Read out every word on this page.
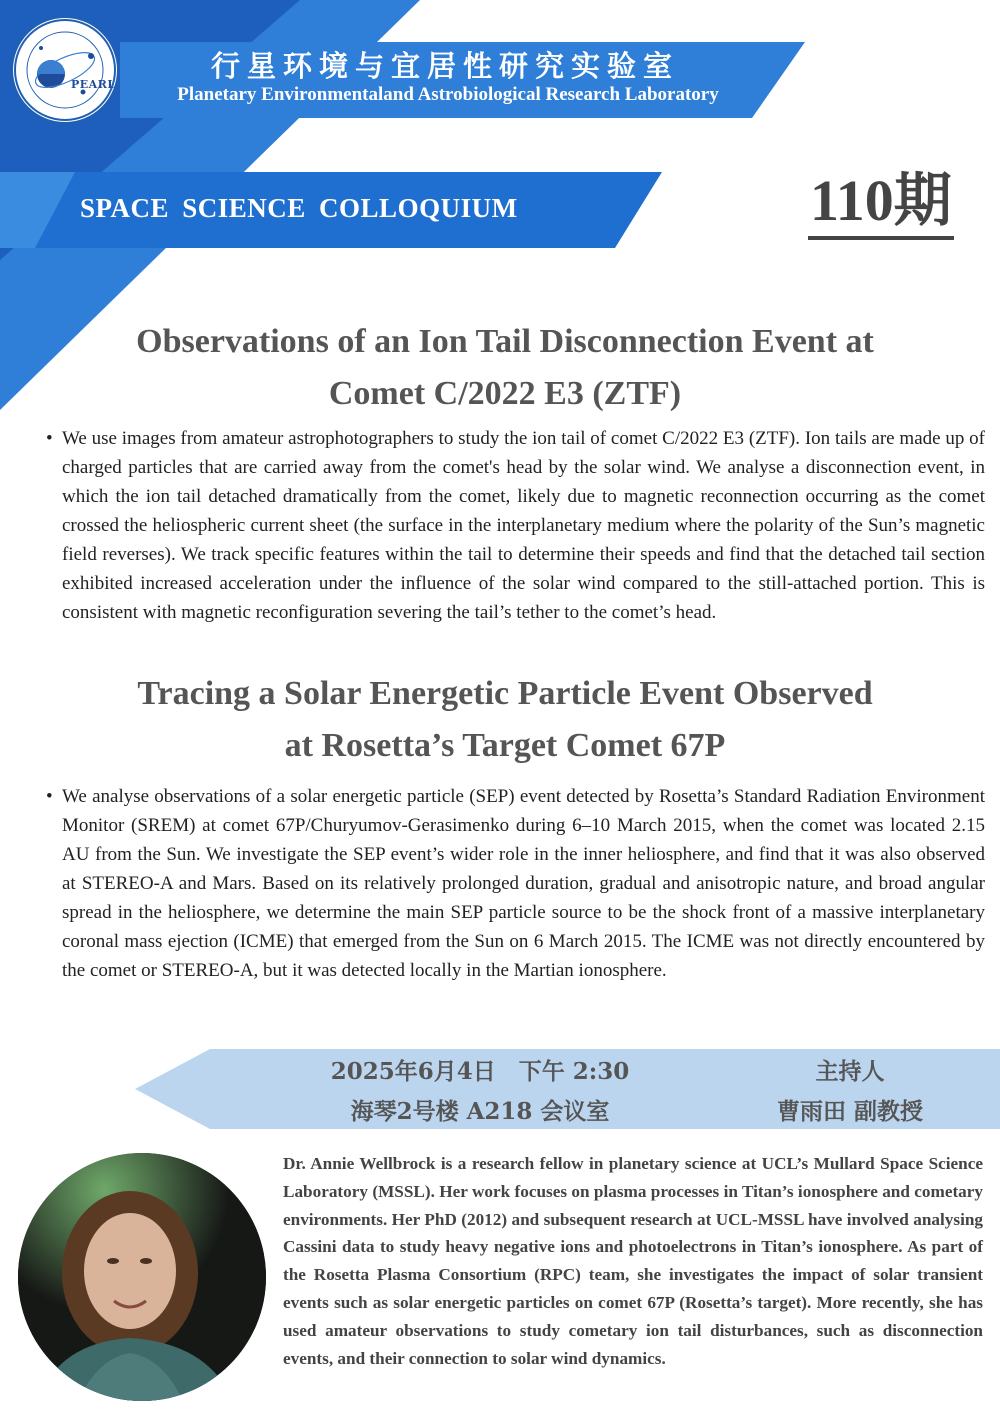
PEARL
行星环境与宜居性研究实验室
Planetary Environmentaland Astrobiological Research Laboratory
SPACE SCIENCE COLLOQUIUM	110期
Observations of an Ion Tail Disconnection Event at
Comet C/2022 E3 (ZTF)
• We use images from amateur astrophotographers to study the ion tail of comet C/2022 E3 (ZTF). Ion tails are made up of charged particles that are carried away from the comet's head by the solar wind. We analyse a disconnection event, in which the ion tail detached dramatically from the comet, likely due to magnetic reconnection occurring as the comet crossed the heliospheric current sheet (the surface in the interplanetary medium where the polarity of the Sun’s magnetic field reverses). We track specific features within the tail to determine their speeds and find that the detached tail section exhibited increased acceleration under the influence of the solar wind compared to the still-attached portion. This is consistent with magnetic reconfiguration severing the tail’s tether to the comet’s head.
Tracing a Solar Energetic Particle Event Observed
at Rosetta’s Target Comet 67P
• We analyse observations of a solar energetic particle (SEP) event detected by Rosetta’s Standard Radiation Environment Monitor (SREM) at comet 67P/Churyumov-Gerasimenko during 6–10 March 2015, when the comet was located 2.15 AU from the Sun. We investigate the SEP event’s wider role in the inner heliosphere, and find that it was also observed at STEREO-A and Mars. Based on its relatively prolonged duration, gradual and anisotropic nature, and broad angular spread in the heliosphere, we determine the main SEP particle source to be the shock front of a massive interplanetary coronal mass ejection (ICME) that emerged from the Sun on 6 March 2015. The ICME was not directly encountered by the comet or STEREO-A, but it was detected locally in the Martian ionosphere.
2025年6月4日　下午 2:30
海琴2号楼 A218 会议室
主持人
曹雨田 副教授
Dr. Annie Wellbrock is a research fellow in planetary science at UCL’s Mullard Space Science Laboratory (MSSL). Her work focuses on plasma processes in Titan’s ionosphere and cometary environments. Her PhD (2012) and subsequent research at UCL-MSSL have involved analysing Cassini data to study heavy negative ions and photoelectrons in Titan’s ionosphere. As part of the Rosetta Plasma Consortium (RPC) team, she investigates the impact of solar transient events such as solar energetic particles on comet 67P (Rosetta’s target). More recently, she has used amateur observations to study cometary ion tail disturbances, such as disconnection events, and their connection to solar wind dynamics.
